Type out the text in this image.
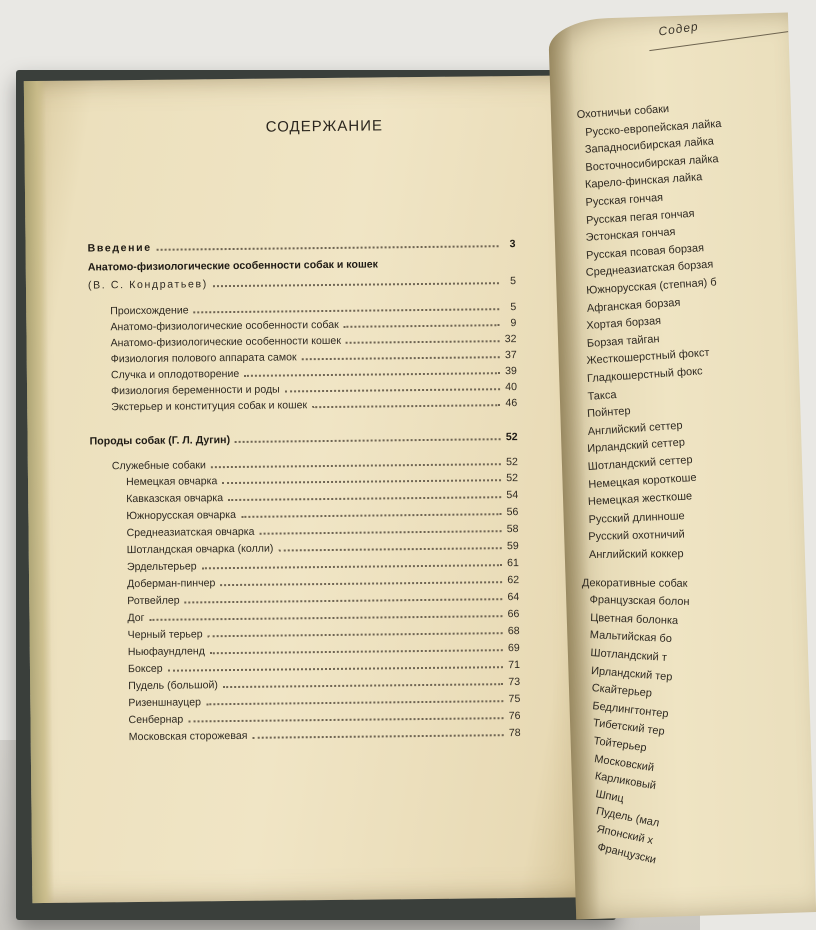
СОДЕРЖАНИЕ
Введение	3
Анатомо-физиологические особенности собак и кошек
(В. С. Кондратьев)	5
Происхождение	5
Анатомо-физиологические особенности собак	9
Анатомо-физиологические особенности кошек	32
Физиология полового аппарата самок	37
Случка и оплодотворение	39
Физиология беременности и роды	40
Экстерьер и конституция собак и кошек	46
Породы собак (Г. Л. Дугин)	52
Служебные собаки	52
Немецкая овчарка	52
Кавказская овчарка	54
Южнорусская овчарка	56
Среднеазиатская овчарка	58
Шотландская овчарка (колли)	59
Эрдельтерьер	61
Доберман-пинчер	62
Ротвейлер	64
Дог	66
Черный терьер	68
Ньюфаундленд	69
Боксер	71
Пудель (большой)	73
Ризеншнауцер	75
Сенбернар	76
Московская сторожевая	78
Содер
Охотничьи собаки
Русско-европейская лайка
Западносибирская лайка
Восточносибирская лайка
Карело-финская лайка
Русская гончая
Русская пегая гончая
Эстонская гончая
Русская псовая борзая
Среднеазиатская борзая
Южнорусская (степная) б
Афганская борзая
Хортая борзая
Борзая тайган
Жесткошерстный фокст
Гладкошерстный фокс
Такса
Пойнтер
Английский сеттер
Ирландский сеттер
Шотландский сеттер
Немецкая короткоше
Немецкая жесткоше
Русский длинноше
Русский охотничий
Английский коккер
Декоративные собак
Французская болон
Цветная болонка
Мальтийская бо
Шотландский т
Ирландский тер
Скайтерьер
Бедлингтонтер
Тибетский тер
Тойтерьер
Московский
Карликовый
Шпиц
Пудель (мал
Японский х
Французски
